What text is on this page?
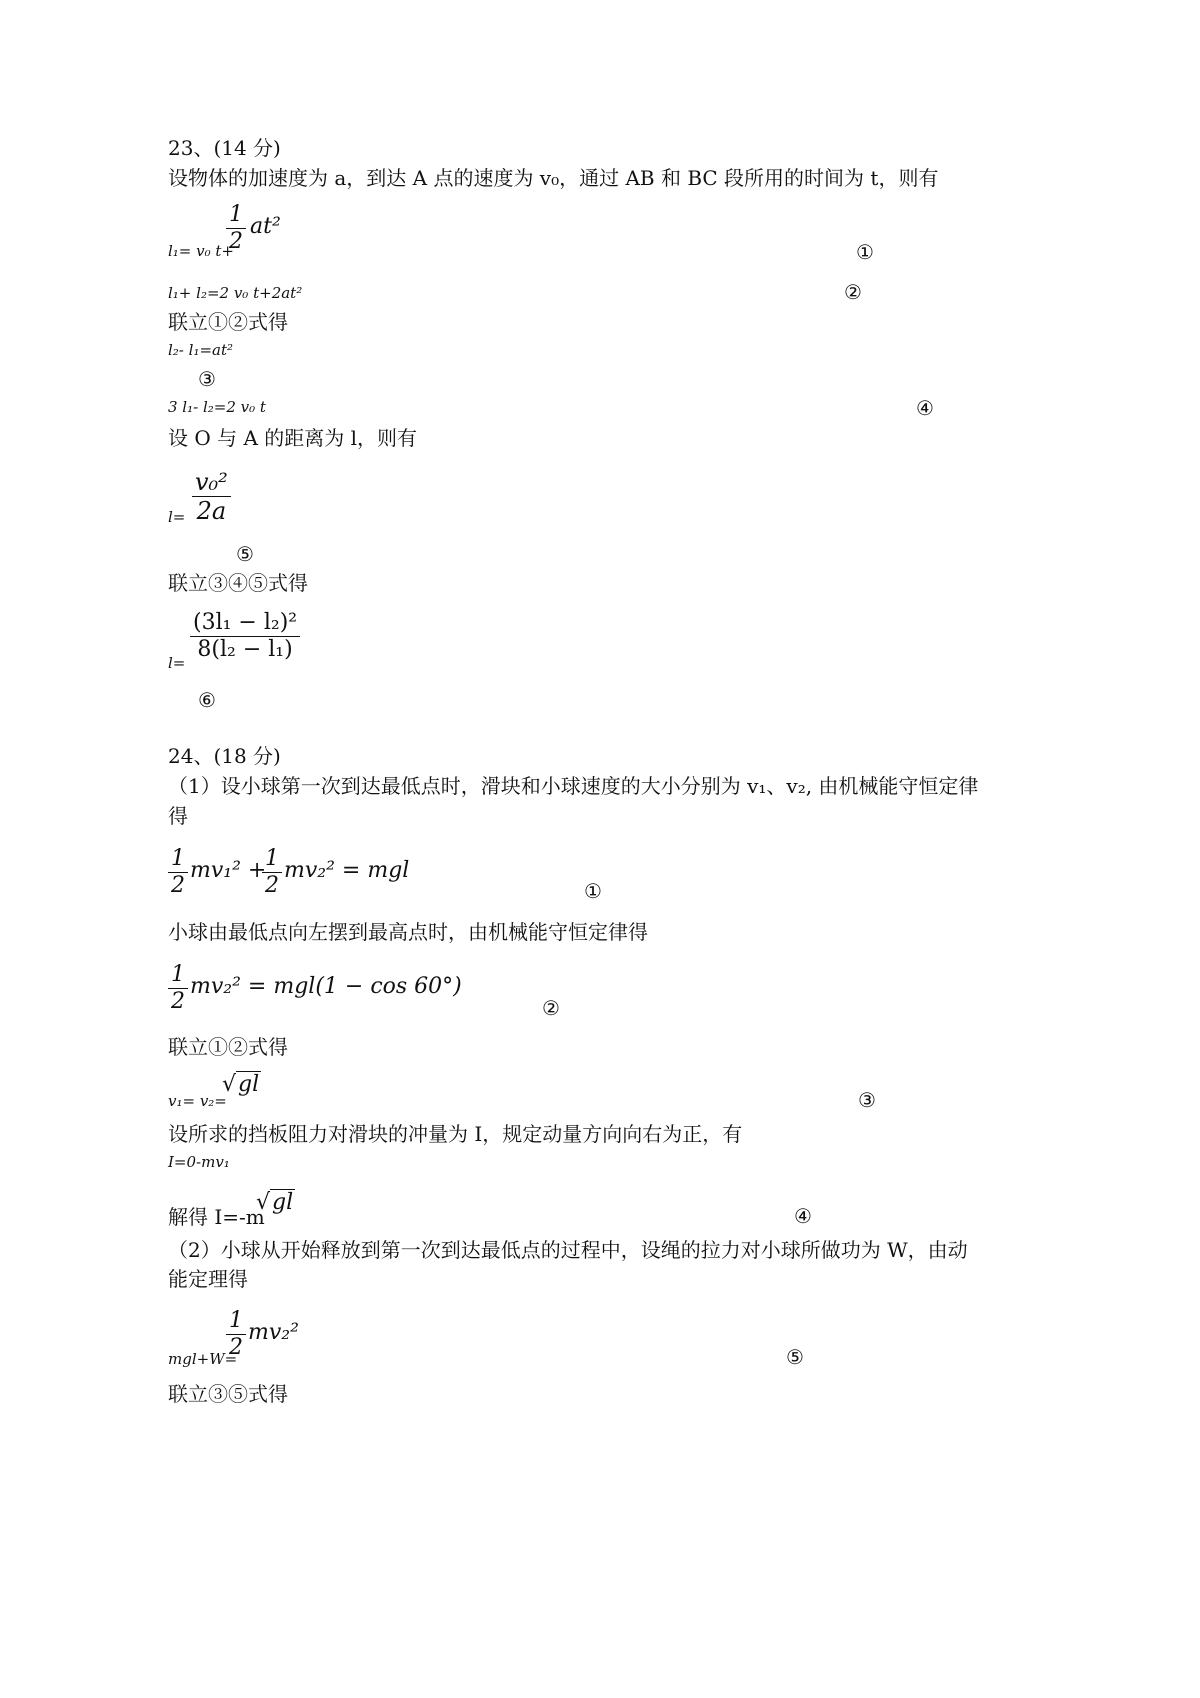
23、(14 分)
设物体的加速度为 a，到达 A 点的速度为 v₀，通过 AB 和 BC 段所用的时间为 t，则有
l₁= v₀ t+
1
2
at²
①
l₁+ l₂=2 v₀ t+2at²	②
联立①②式得
l₂- l₁=at²
③
3 l₁- l₂=2 v₀ t	④
设 O 与 A 的距离为 l，则有
l=
v₀²
2a
⑤
联立③④⑤式得
l=
(3l₁ − l₂)²
8(l₂ − l₁)
⑥
24、(18 分)
（1）设小球第一次到达最低点时，滑块和小球速度的大小分别为 v₁、v₂, 由机械能守恒定律
得
1
2
mv₁² +
1
2
mv₂² = mgl
①
小球由最低点向左摆到最高点时，由机械能守恒定律得
1
2
mv₂² = mgl(1 − cos 60°)
②
联立①②式得
v₁= v₂=
√gl
③
设所求的挡板阻力对滑块的冲量为 I，规定动量方向向右为正，有
I=0-mv₁
解得 I=-m
√gl
④
（2）小球从开始释放到第一次到达最低点的过程中，设绳的拉力对小球所做功为 W，由动
能定理得
mgl+W=
1
2
mv₂²
⑤
联立③⑤式得
